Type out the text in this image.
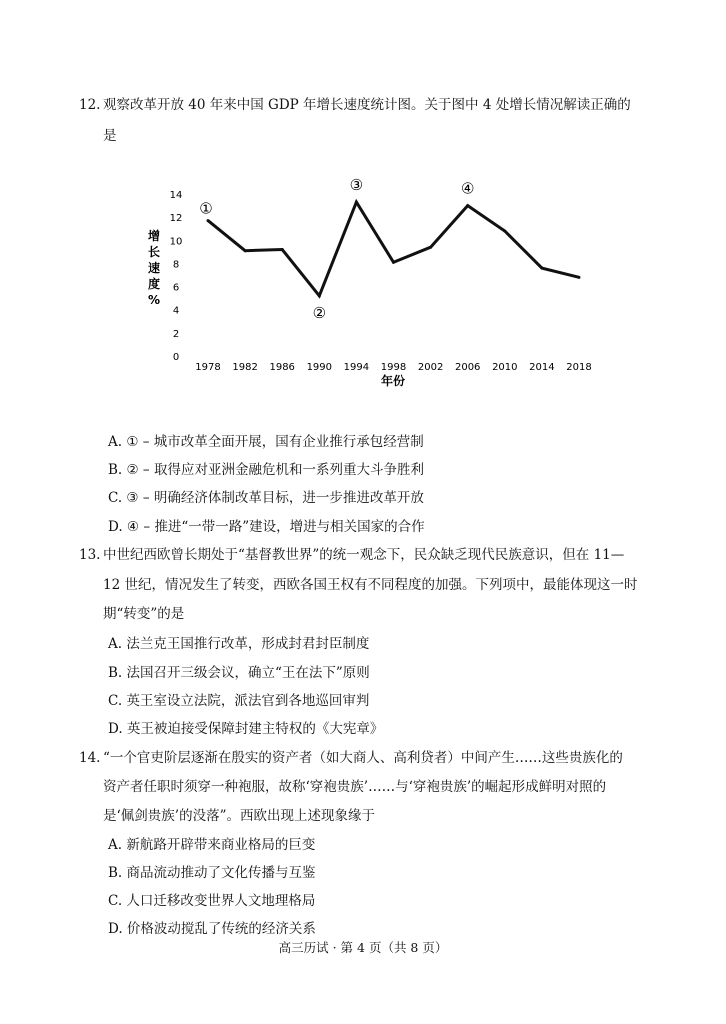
12. 观察改革开放 40 年来中国 GDP 年增长速度统计图。关于图中 4 处增长情况解读正确的
是
增
长
速
度
%
0
2
4
6
8
10
12
14
1978 1982 1986 1990 1994 1998 2002 2006 2010 2014 2018
①
②
③	④
年份
A. ① – 城市改革全面开展，国有企业推行承包经营制
B. ② – 取得应对亚洲金融危机和一系列重大斗争胜利
C. ③ – 明确经济体制改革目标，进一步推进改革开放
D. ④ – 推进“一带一路”建设，增进与相关国家的合作
13. 中世纪西欧曾长期处于“基督教世界”的统一观念下，民众缺乏现代民族意识，但在 11—
12 世纪，情况发生了转变，西欧各国王权有不同程度的加强。下列项中，最能体现这一时
期“转变”的是
A. 法兰克王国推行改革，形成封君封臣制度
B. 法国召开三级会议，确立“王在法下”原则
C. 英王室设立法院，派法官到各地巡回审判
D. 英王被迫接受保障封建主特权的《大宪章》
14. “一个官吏阶层逐渐在殷实的资产者（如大商人、高利贷者）中间产生……这些贵族化的
资产者任职时须穿一种袍服，故称‘穿袍贵族’……与‘穿袍贵族’的崛起形成鲜明对照的
是‘佩剑贵族’的没落”。西欧出现上述现象缘于
A. 新航路开辟带来商业格局的巨变
B. 商品流动推动了文化传播与互鉴
C. 人口迁移改变世界人文地理格局
D. 价格波动搅乱了传统的经济关系
高三历试 · 第 4 页（共 8 页）
